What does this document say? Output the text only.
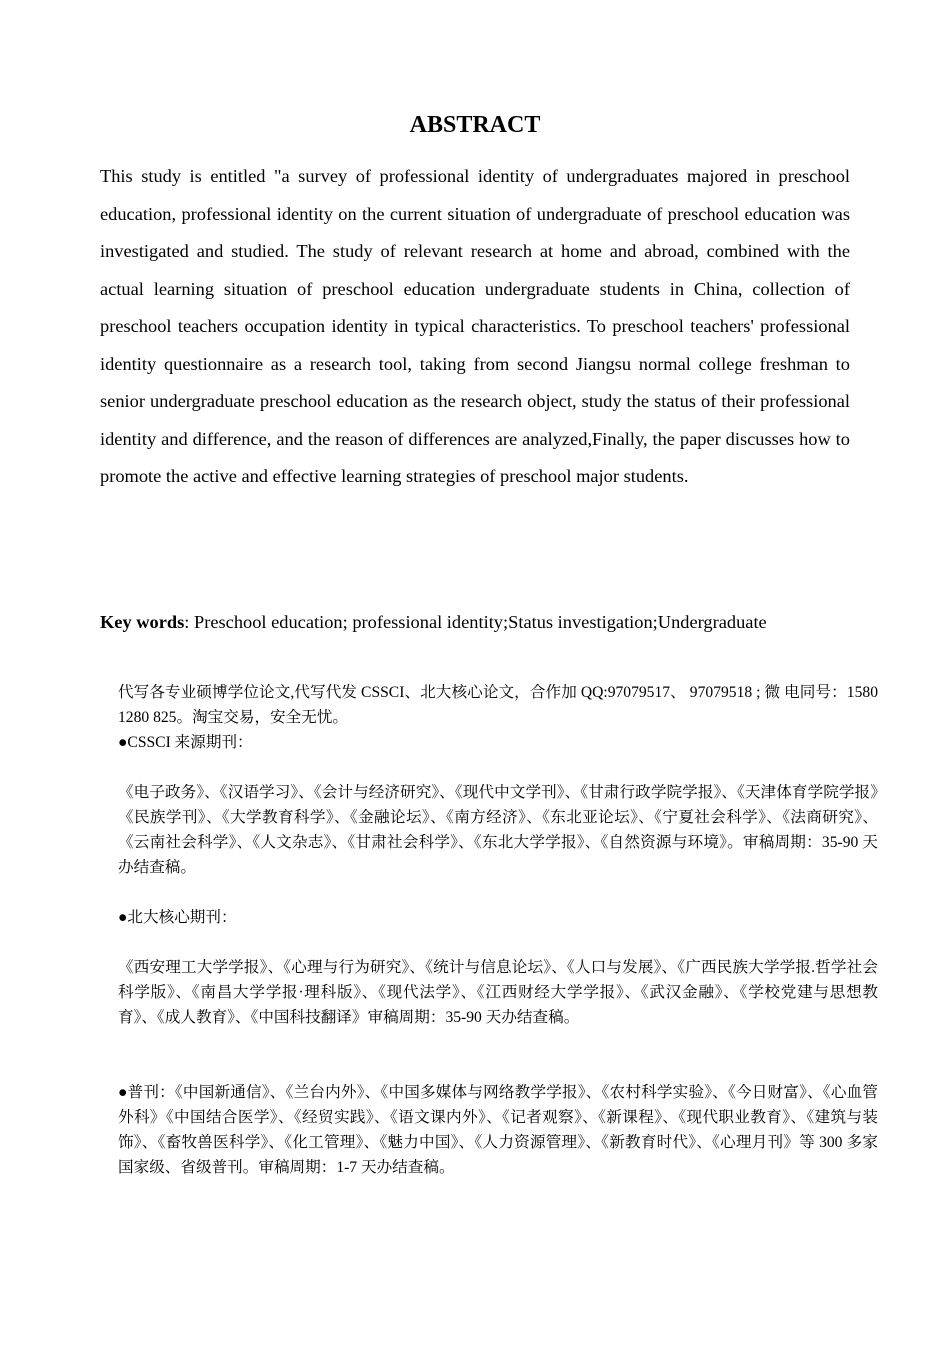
ABSTRACT

This study is entitled "a survey of professional identity of undergraduates majored in preschool education, professional identity on the current situation of undergraduate of preschool education was investigated and studied. The study of relevant research at home and abroad, combined with the actual learning situation of preschool education undergraduate students in China, collection of preschool teachers occupation identity in typical characteristics. To preschool teachers' professional identity questionnaire as a research tool, taking from second Jiangsu normal college freshman to senior undergraduate preschool education as the research object, study the status of their professional identity and difference, and the reason of differences are analyzed,Finally, the paper discusses how to promote the active and effective learning strategies of preschool major students.

Key words: Preschool education; professional identity;Status investigation;Undergraduate

代写各专业硕博学位论文,代写代发 CSSCI、北大核心论文，合作加 QQ:97079517、 97079518 ; 微 电同号：1580 1280 825。淘宝交易，安全无忧。

●CSSCI 来源期刊：

《电子政务》、《汉语学习》、《会计与经济研究》、《现代中文学刊》、《甘肃行政学院学报》、《天津体育学院学报》《民族学刊》、《大学教育科学》、《金融论坛》、《南方经济》、《东北亚论坛》、《宁夏社会科学》、《法商研究》、《云南社会科学》、《人文杂志》、《甘肃社会科学》、《东北大学学报》、《自然资源与环境》。审稿周期：35-90 天办结查稿。

●北大核心期刊：

《西安理工大学学报》、《心理与行为研究》、《统计与信息论坛》、《人口与发展》、《广西民族大学学报.哲学社会科学版》、《南昌大学学报·理科版》、《现代法学》、《江西财经大学学报》、《武汉金融》、《学校党建与思想教育》、《成人教育》、《中国科技翻译》审稿周期：35-90 天办结查稿。

●普刊：《中国新通信》、《兰台内外》、《中国多媒体与网络教学学报》、《农村科学实验》、《今日财富》、《心血管外科》《中国结合医学》、《经贸实践》、《语文课内外》、《记者观察》、《新课程》、《现代职业教育》、《建筑与装饰》、《畜牧兽医科学》、《化工管理》、《魅力中国》、《人力资源管理》、《新教育时代》、《心理月刊》等 300 多家国家级、省级普刊。审稿周期：1-7 天办结查稿。
